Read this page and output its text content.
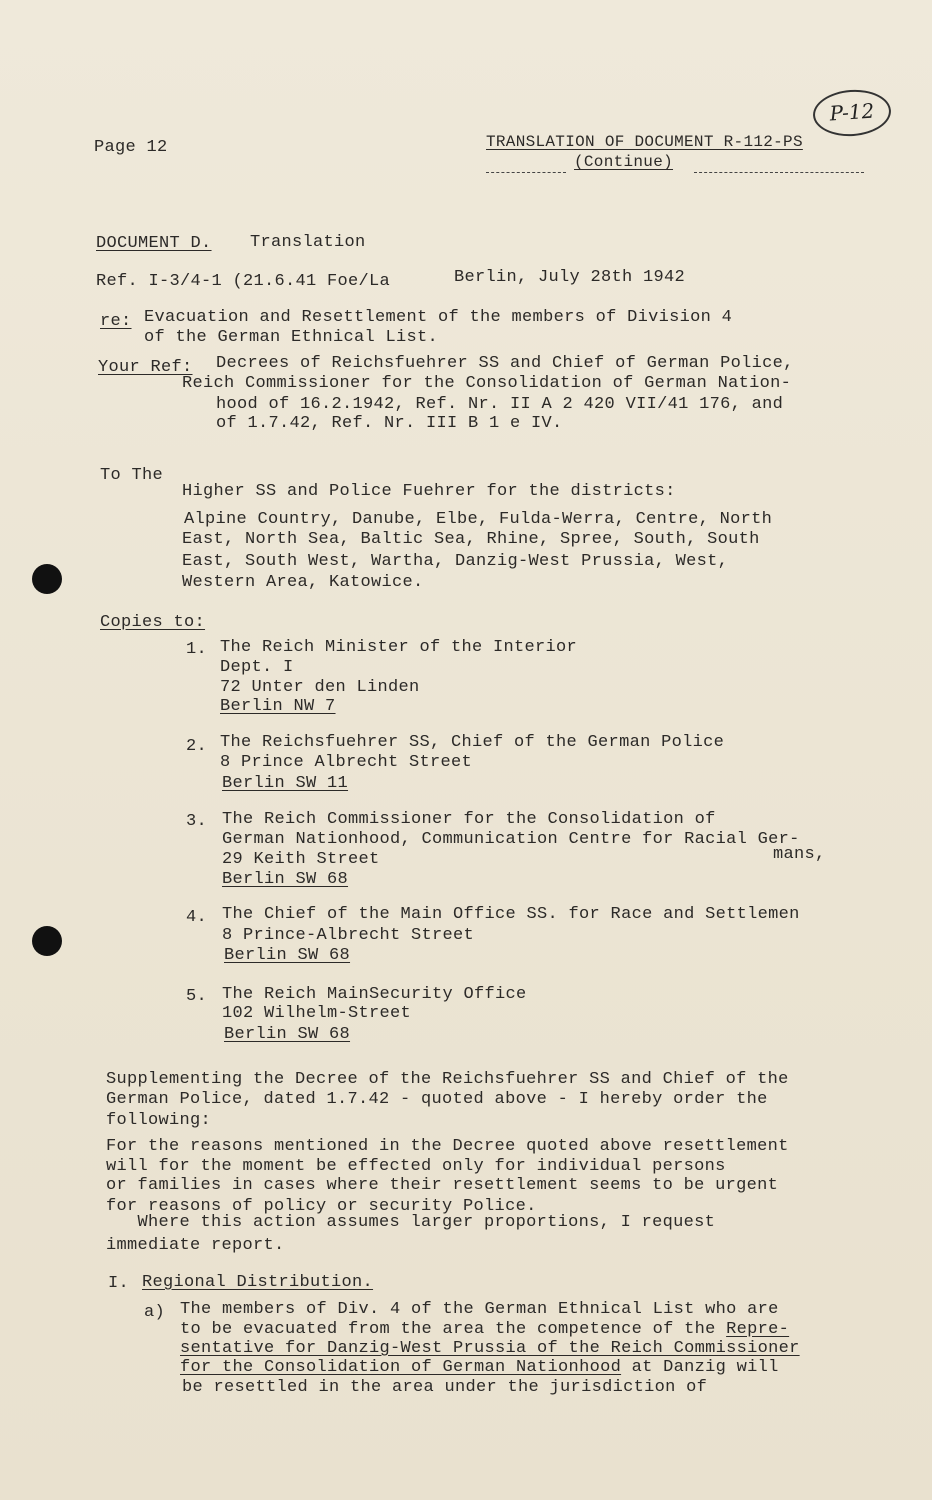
P-12
Page 12	TRANSLATION OF DOCUMENT R-112-PS
(Continue)
DOCUMENT D. Translation
Ref. I-3/4-1 (21.6.41 Foe/La	Berlin, July 28th 1942
re: Evacuation and Resettlement of the members of Division 4
of the German Ethnical List.
Your Ref: Decrees of Reichsfuehrer SS and Chief of German Police,
Reich Commissioner for the Consolidation of German Nation-
hood of 16.2.1942, Ref. Nr. II A 2 420 VII/41 176, and
of 1.7.42, Ref. Nr. III B 1 e IV.
To The
Higher SS and Police Fuehrer for the districts:
Alpine Country, Danube, Elbe, Fulda-Werra, Centre, North
East, North Sea, Baltic Sea, Rhine, Spree, South, South
East, South West, Wartha, Danzig-West Prussia, West,
Western Area, Katowice.
Copies to:
1. The Reich Minister of the Interior
Dept. I
72 Unter den Linden
Berlin NW 7
2. The Reichsfuehrer SS, Chief of the German Police
8 Prince Albrecht Street
Berlin SW 11
3. The Reich Commissioner for the Consolidation of
German Nationhood, Communication Centre for Racial Ger-
mans,
29 Keith Street
Berlin SW 68
4. The Chief of the Main Office SS. for Race and Settlemen
8 Prince-Albrecht Street
Berlin SW 68
5. The Reich MainSecurity Office
102 Wilhelm-Street
Berlin SW 68
Supplementing the Decree of the Reichsfuehrer SS and Chief of the
German Police, dated 1.7.42 - quoted above - I hereby order the
following:
For the reasons mentioned in the Decree quoted above resettlement
will for the moment be effected only for individual persons
or families in cases where their resettlement seems to be urgent
for reasons of policy or security Police.
Where this action assumes larger proportions, I request
immediate report.
I. Regional Distribution.
a) The members of Div. 4 of the German Ethnical List who are
to be evacuated from the area the competence of the Repre-
sentative for Danzig-West Prussia of the Reich Commissioner
for the Consolidation of German Nationhood at Danzig will
be resettled in the area under the jurisdiction of
